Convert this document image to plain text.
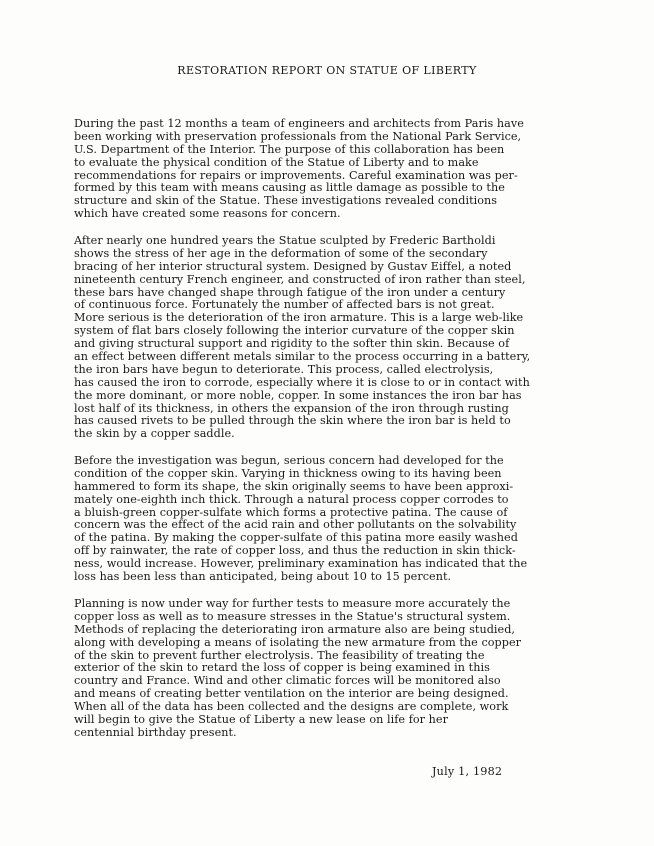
RESTORATION REPORT ON STATUE OF LIBERTY
During the past 12 months a team of engineers and architects from Paris have
been working with preservation professionals from the National Park Service,
U.S. Department of the Interior. The purpose of this collaboration has been
to evaluate the physical condition of the Statue of Liberty and to make
recommendations for repairs or improvements. Careful examination was per-
formed by this team with means causing as little damage as possible to the
structure and skin of the Statue. These investigations revealed conditions
which have created some reasons for concern.
After nearly one hundred years the Statue sculpted by Frederic Bartholdi
shows the stress of her age in the deformation of some of the secondary
bracing of her interior structural system. Designed by Gustav Eiffel, a noted
nineteenth century French engineer, and constructed of iron rather than steel,
these bars have changed shape through fatigue of the iron under a century
of continuous force. Fortunately the number of affected bars is not great.
More serious is the deterioration of the iron armature. This is a large web-like
system of flat bars closely following the interior curvature of the copper skin
and giving structural support and rigidity to the softer thin skin. Because of
an effect between different metals similar to the process occurring in a battery,
the iron bars have begun to deteriorate. This process, called electrolysis,
has caused the iron to corrode, especially where it is close to or in contact with
the more dominant, or more noble, copper. In some instances the iron bar has
lost half of its thickness, in others the expansion of the iron through rusting
has caused rivets to be pulled through the skin where the iron bar is held to
the skin by a copper saddle.
Before the investigation was begun, serious concern had developed for the
condition of the copper skin. Varying in thickness owing to its having been
hammered to form its shape, the skin originally seems to have been approxi-
mately one-eighth inch thick. Through a natural process copper corrodes to
a bluish-green copper-sulfate which forms a protective patina. The cause of
concern was the effect of the acid rain and other pollutants on the solvability
of the patina. By making the copper-sulfate of this patina more easily washed
off by rainwater, the rate of copper loss, and thus the reduction in skin thick-
ness, would increase. However, preliminary examination has indicated that the
loss has been less than anticipated, being about 10 to 15 percent.
Planning is now under way for further tests to measure more accurately the
copper loss as well as to measure stresses in the Statue's structural system.
Methods of replacing the deteriorating iron armature also are being studied,
along with developing a means of isolating the new armature from the copper
of the skin to prevent further electrolysis. The feasibility of treating the
exterior of the skin to retard the loss of copper is being examined in this
country and France. Wind and other climatic forces will be monitored also
and means of creating better ventilation on the interior are being designed.
When all of the data has been collected and the designs are complete, work
will begin to give the Statue of Liberty a new lease on life for her
centennial birthday present.
July 1, 1982
